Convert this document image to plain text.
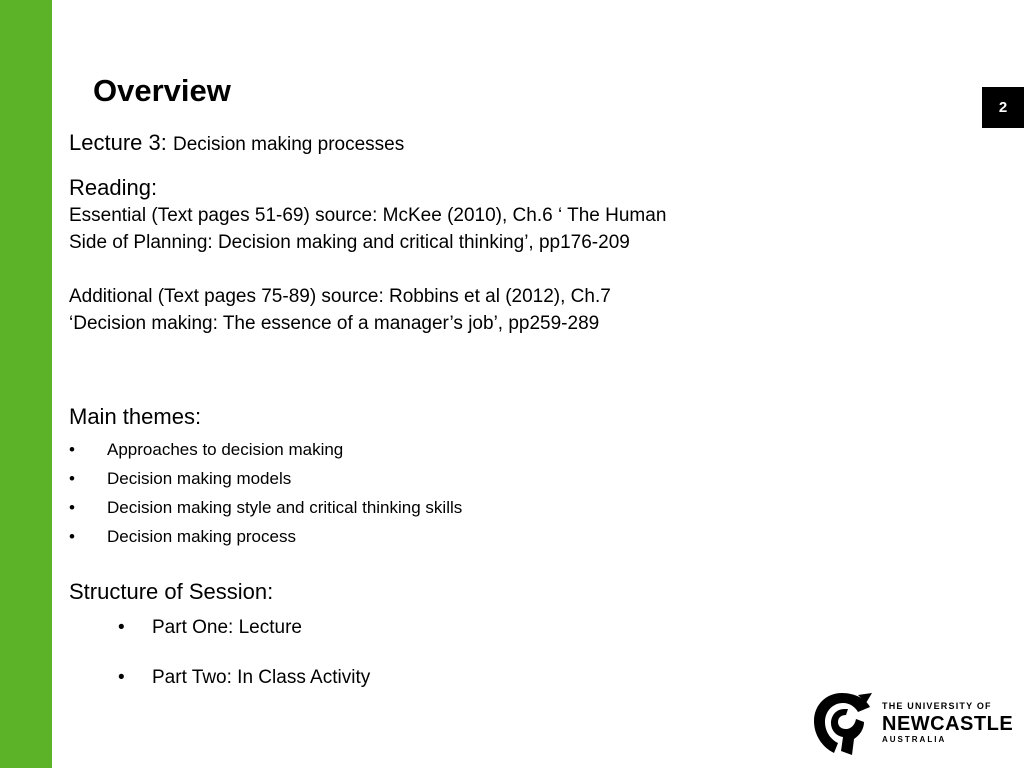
2
Overview

Lecture 3: Decision making processes

Reading:

Essential (Text pages 51-69) source: McKee (2010), Ch.6 ‘ The Human

Side of Planning: Decision making and critical thinking’, pp176-209

Additional (Text pages 75-89) source: Robbins et al (2012), Ch.7

‘Decision making: The essence of a manager’s job’, pp259-289

Main themes:

• Approaches to decision making
• Decision making models
• Decision making style and critical thinking skills
• Decision making process

Structure of Session:

• Part One: Lecture
• Part Two: In Class Activity
THE UNIVERSITY OF
NEWCASTLE
AUSTRALIA
